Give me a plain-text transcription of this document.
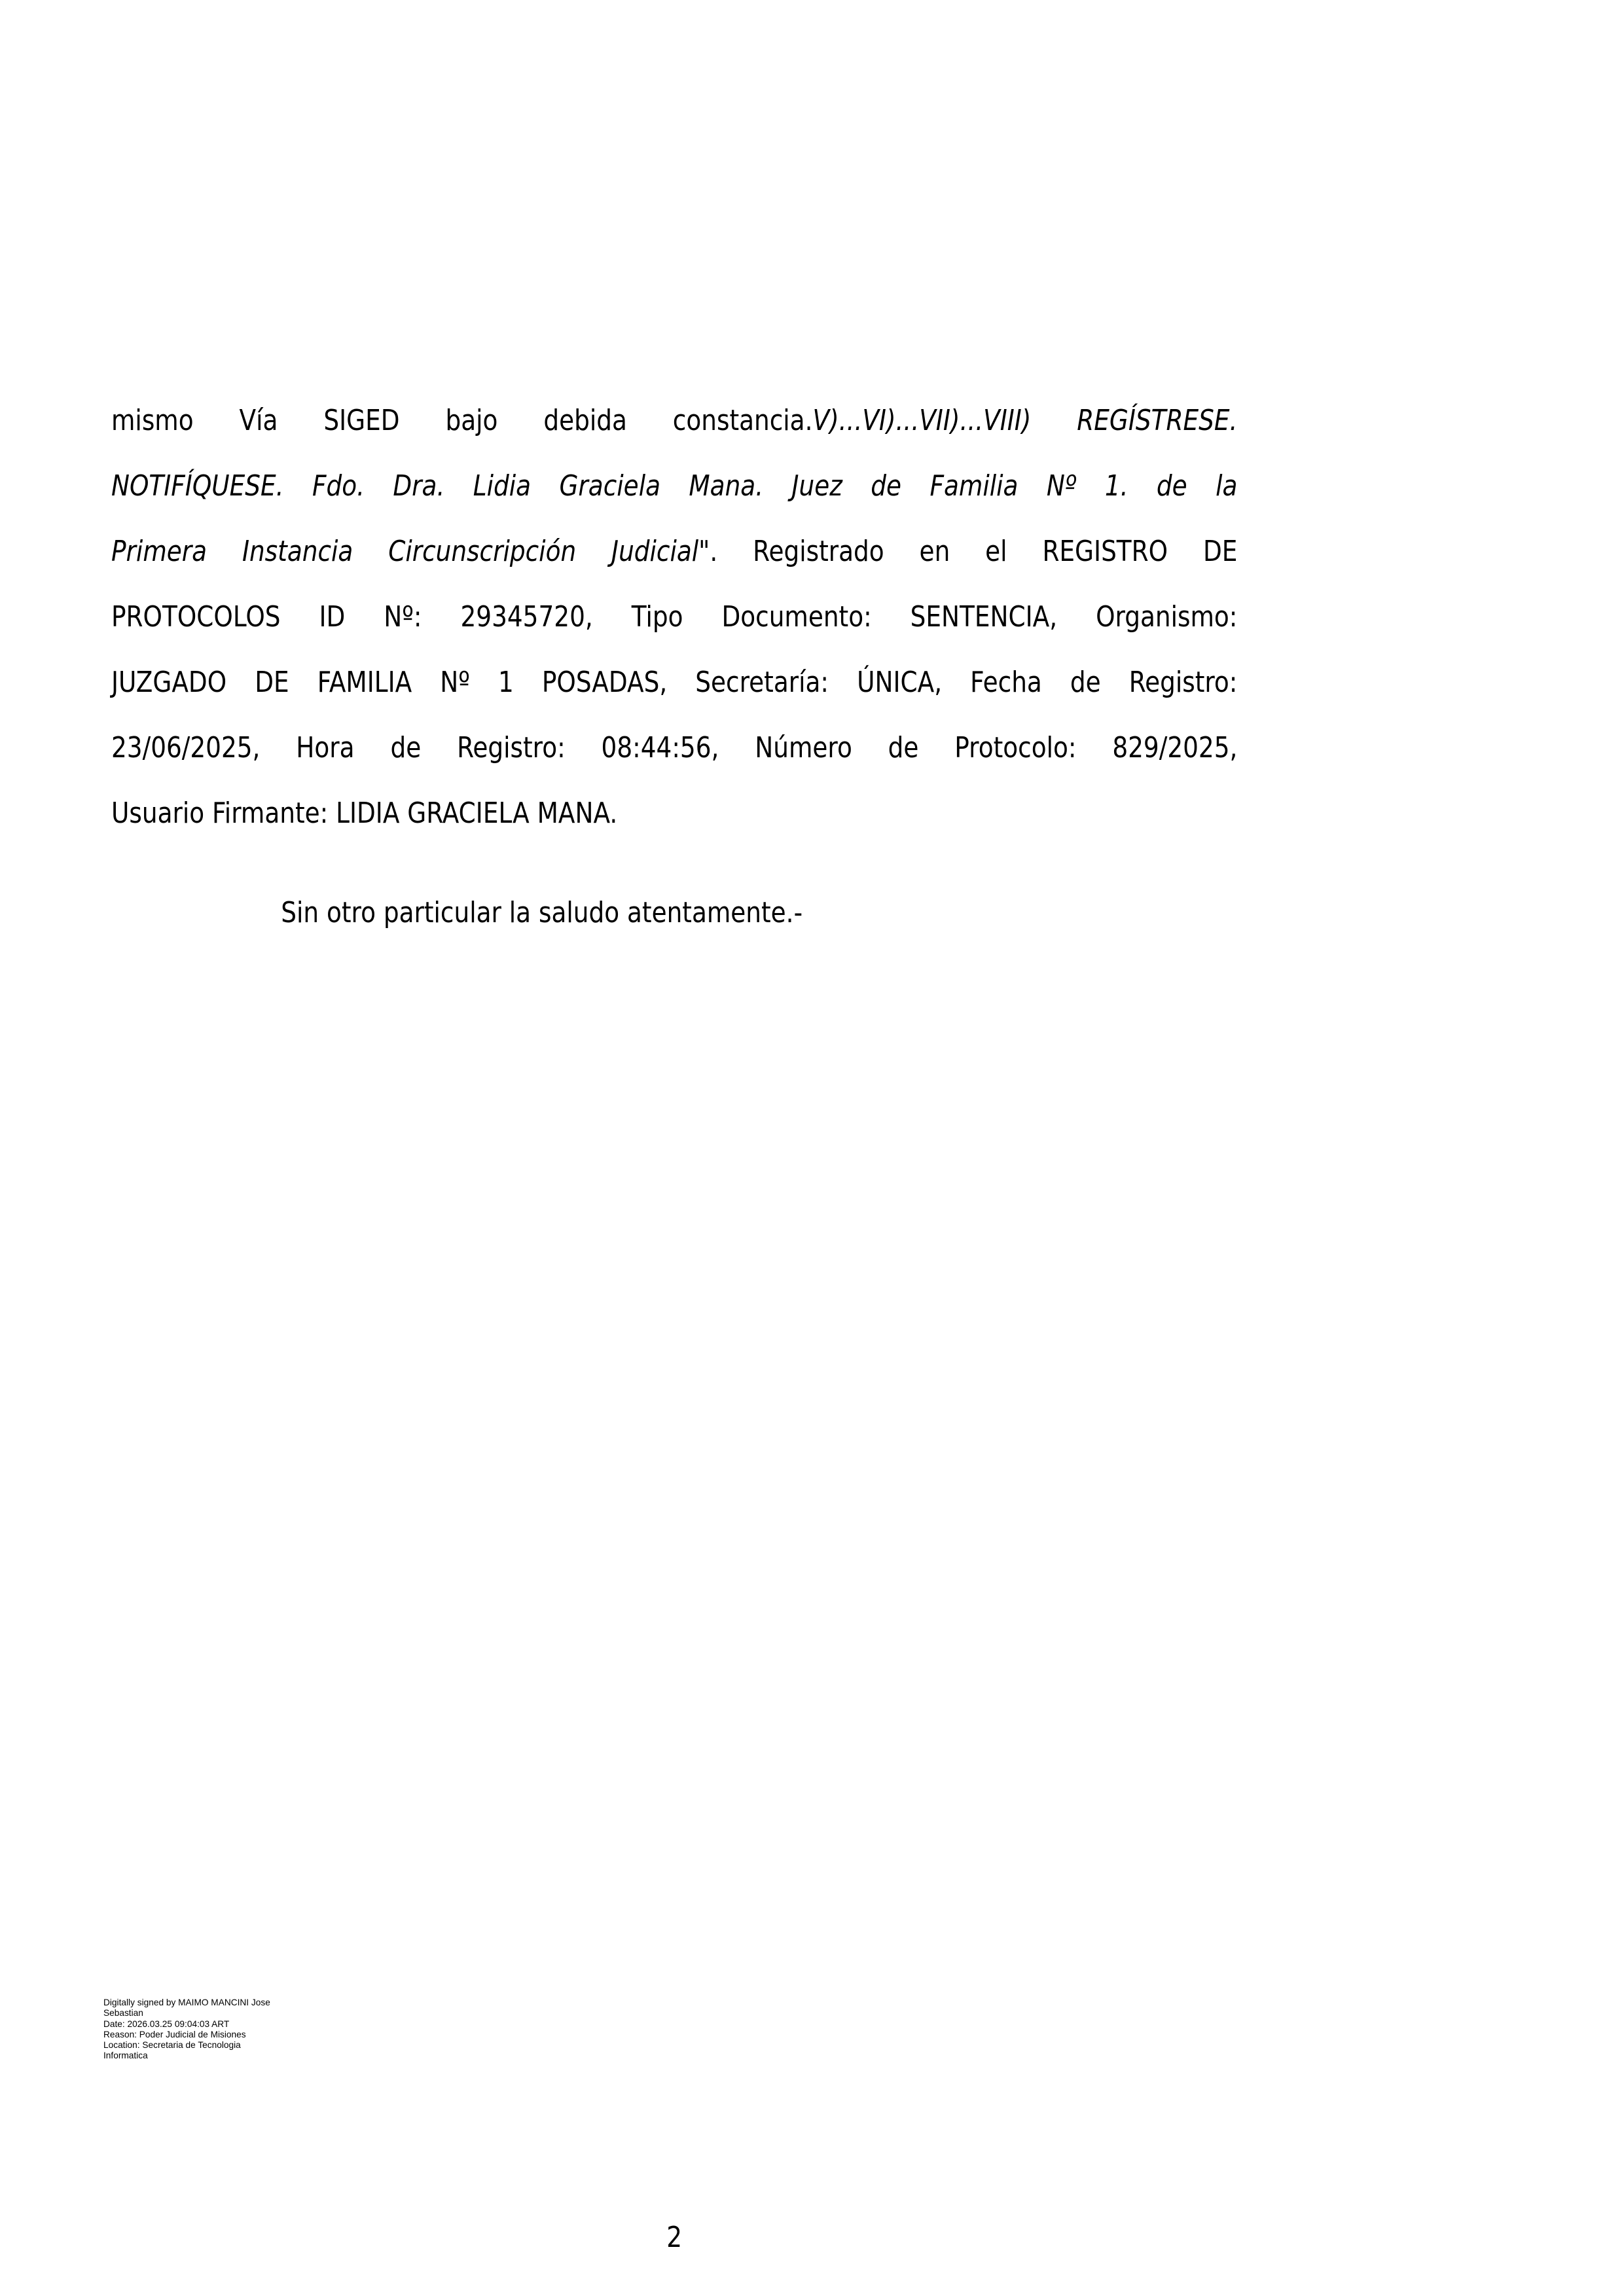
mismo Vía SIGED bajo debida constancia.V)...VI)...VII)...VIII) REGÍSTRESE.
NOTIFÍQUESE. Fdo. Dra. Lidia Graciela Mana. Juez de Familia Nº 1. de la
Primera Instancia Circunscripción Judicial". Registrado en el REGISTRO DE
PROTOCOLOS ID Nº: 29345720, Tipo Documento: SENTENCIA, Organismo:
JUZGADO DE FAMILIA Nº 1 POSADAS, Secretaría: ÚNICA, Fecha de Registro:
23/06/2025, Hora de Registro: 08:44:56, Número de Protocolo: 829/2025,
Usuario Firmante: LIDIA GRACIELA MANA.
Sin otro particular la saludo atentamente.-
Digitally signed by MAIMO MANCINI Jose
Sebastian
Date: 2026.03.25 09:04:03 ART
Reason: Poder Judicial de Misiones
Location: Secretaria de Tecnologia
Informatica
2
